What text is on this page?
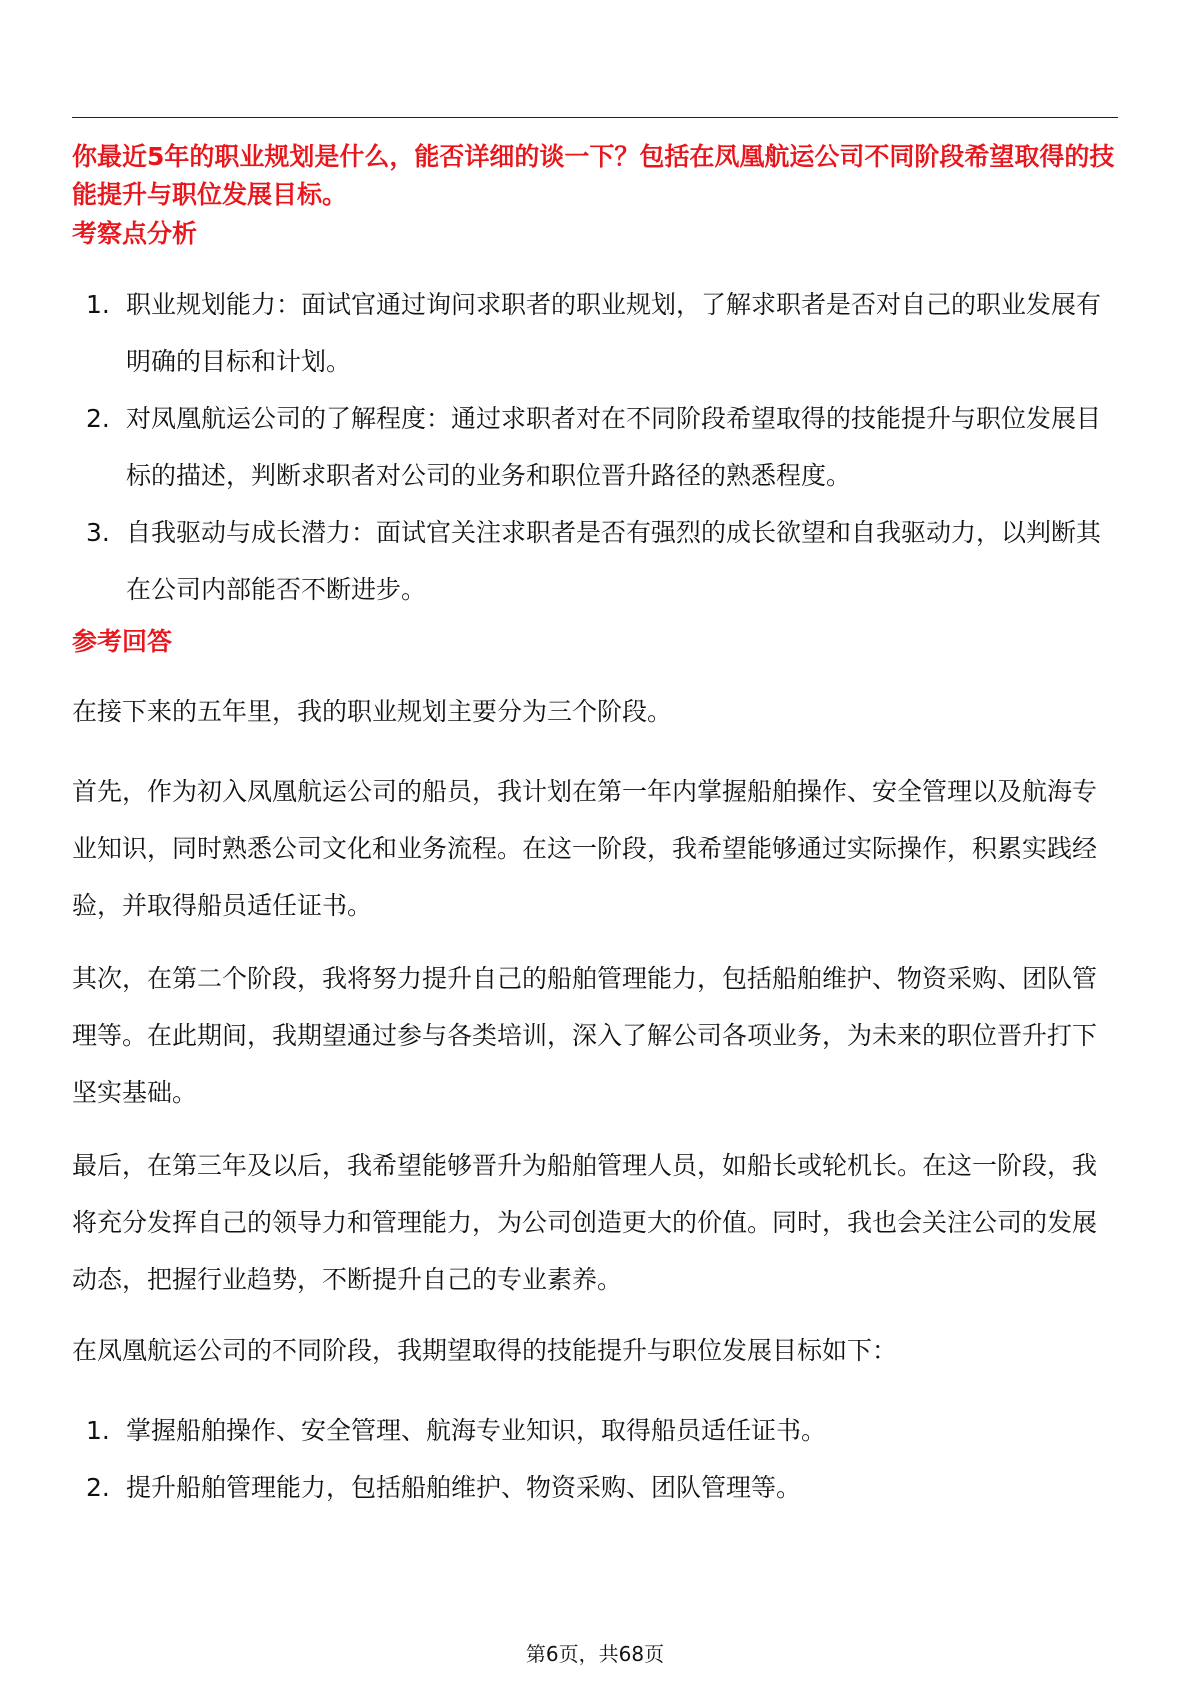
你最近5年的职业规划是什么，能否详细的谈一下？包括在凤凰航运公司不同阶段希望取得的技能提升与职位发展目标。

考察点分析
1. 职业规划能力：面试官通过询问求职者的职业规划，了解求职者是否对自己的职业发展有明确的目标和计划。
2. 对凤凰航运公司的了解程度：通过求职者对在不同阶段希望取得的技能提升与职位发展目标的描述，判断求职者对公司的业务和职位晋升路径的熟悉程度。
3. 自我驱动与成长潜力：面试官关注求职者是否有强烈的成长欲望和自我驱动力，以判断其在公司内部能否不断进步。
参考回答

在接下来的五年里，我的职业规划主要分为三个阶段。

首先，作为初入凤凰航运公司的船员，我计划在第一年内掌握船舶操作、安全管理以及航海专业知识，同时熟悉公司文化和业务流程。在这一阶段，我希望能够通过实际操作，积累实践经验，并取得船员适任证书。

其次，在第二个阶段，我将努力提升自己的船舶管理能力，包括船舶维护、物资采购、团队管理等。在此期间，我期望通过参与各类培训，深入了解公司各项业务，为未来的职位晋升打下坚实基础。

最后，在第三年及以后，我希望能够晋升为船舶管理人员，如船长或轮机长。在这一阶段，我将充分发挥自己的领导力和管理能力，为公司创造更大的价值。同时，我也会关注公司的发展动态，把握行业趋势，不断提升自己的专业素养。

在凤凰航运公司的不同阶段，我期望取得的技能提升与职位发展目标如下：

1. 掌握船舶操作、安全管理、航海专业知识，取得船员适任证书。
2. 提升船舶管理能力，包括船舶维护、物资采购、团队管理等。
第6页，共68页
